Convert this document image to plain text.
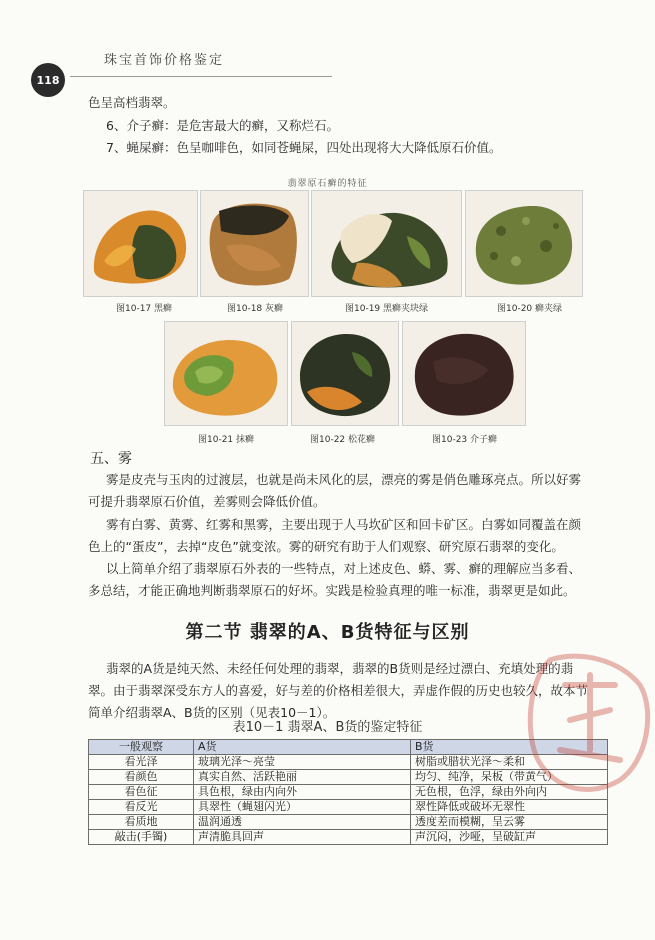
118
珠宝首饰价格鉴定
色呈高档翡翠。
6、介子癣：是危害最大的癣，又称烂石。
7、蝇屎癣：色呈咖啡色，如同苍蝇屎，四处出现将大大降低原石价值。
翡翠原石癣的特征
图10-17 黑癣	图10-18 灰癣	图10-19 黑癣夹块绿	图10-20 癣夹绿
图10-21 抹癣	图10-22 松花癣	图10-23 介子癣
五、雾
雾是皮壳与玉肉的过渡层，也就是尚未风化的层，漂亮的雾是俏色雕琢亮点。所以好雾
可提升翡翠原石价值，差雾则会降低价值。
雾有白雾、黄雾、红雾和黑雾，主要出现于人马坎矿区和回卡矿区。白雾如同覆盖在颜
色上的“蛋皮”，去掉“皮色”就变浓。雾的研究有助于人们观察、研究原石翡翠的变化。
以上简单介绍了翡翠原石外表的一些特点，对上述皮色、蟒、雾、癣的理解应当多看、
多总结，才能正确地判断翡翠原石的好坏。实践是检验真理的唯一标准，翡翠更是如此。
第二节 翡翠的A、B货特征与区别
翡翠的A货是纯天然、未经任何处理的翡翠，翡翠的B货则是经过漂白、充填处理的翡
翠。由于翡翠深受东方人的喜爱，好与差的价格相差很大，弄虚作假的历史也较久，故本节
简单介绍翡翠A、B货的区别（见表10－1）。
表10－1 翡翠A、B货的鉴定特征
一般观察	A货	B货
看光泽	玻璃光泽～亮莹	树脂或腊状光泽～柔和
看颜色	真实自然、活跃艳丽	均匀、纯净，呆板（带黄气）
看色征	具色根，绿由内向外	无色根，色浮，绿由外向内
看反光	具翠性（蝇翅闪光）	翠性降低或破坏无翠性
看质地	温润通透	透度差而模糊，呈云雾
敲击(手镯)	声清脆具回声	声沉闷，沙哑，呈破缸声
